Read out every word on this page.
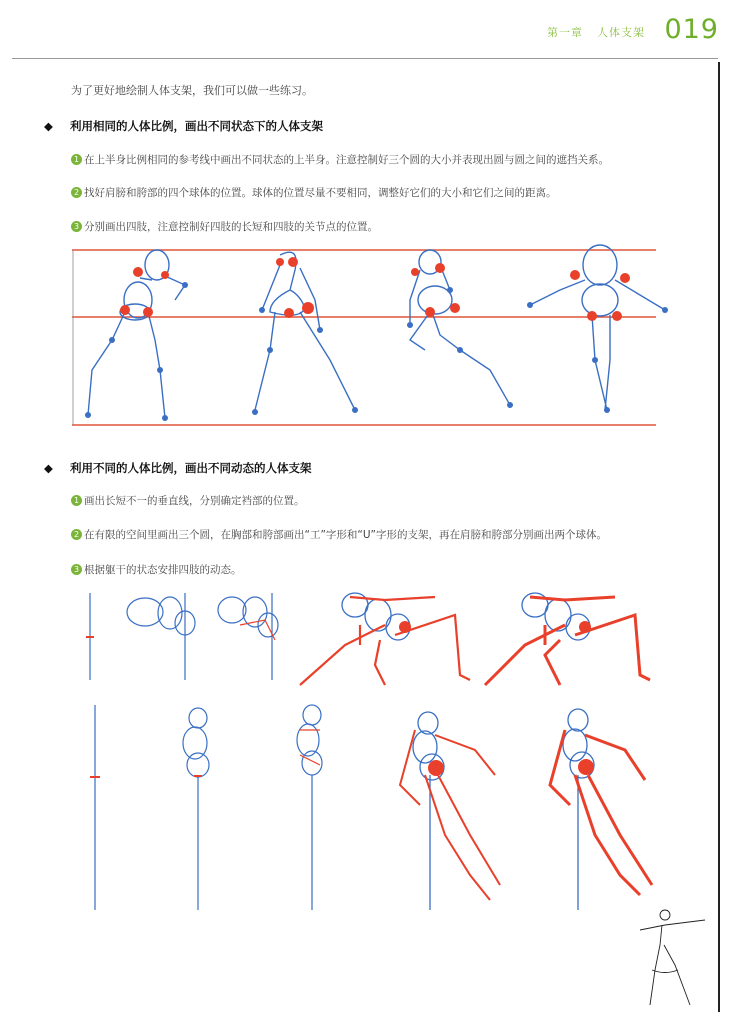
第一章 人体支架 019
为了更好地绘制人体支架，我们可以做一些练习。
◆ 利用相同的人体比例，画出不同状态下的人体支架
1 在上半身比例相同的参考线中画出不同状态的上半身。注意控制好三个圆的大小并表现出圆与圆之间的遮挡关系。
2 找好肩膀和胯部的四个球体的位置。球体的位置尽量不要相同，调整好它们的大小和它们之间的距离。
3 分别画出四肢，注意控制好四肢的长短和四肢的关节点的位置。
◆ 利用不同的人体比例，画出不同动态的人体支架
1 画出长短不一的垂直线，分别确定裆部的位置。
2 在有限的空间里画出三个圆，在胸部和胯部画出“工”字形和“U”字形的支架，再在肩膀和胯部分别画出两个球体。
3 根据躯干的状态安排四肢的动态。
